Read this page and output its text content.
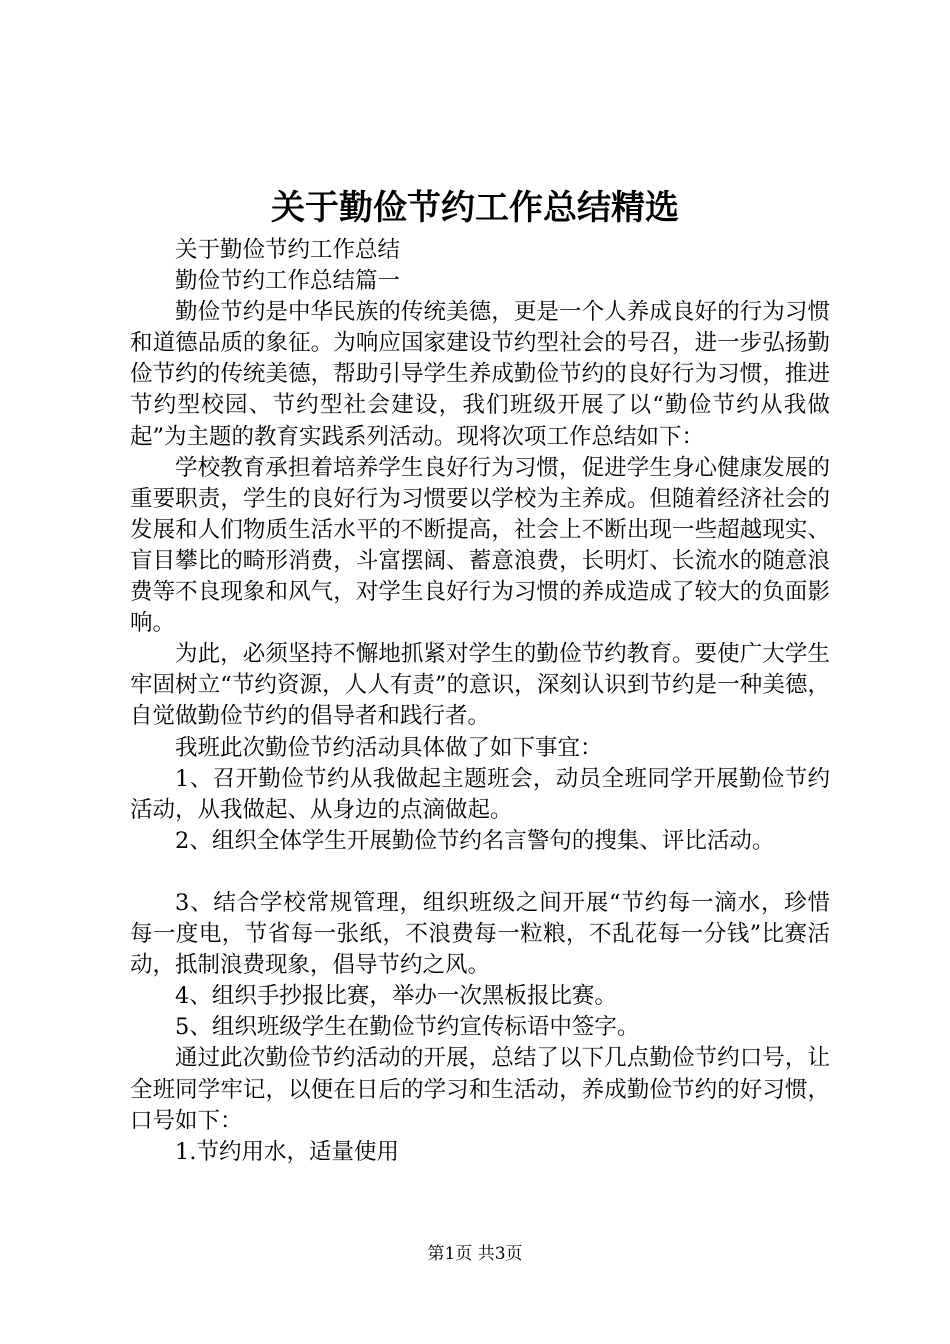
关于勤俭节约工作总结精选

关于勤俭节约工作总结

勤俭节约工作总结篇一

勤俭节约是中华民族的传统美德，更是一个人养成良好的行为习惯和道德品质的象征。为响应国家建设节约型社会的号召，进一步弘扬勤俭节约的传统美德，帮助引导学生养成勤俭节约的良好行为习惯，推进节约型校园、节约型社会建设，我们班级开展了以“勤俭节约从我做起”为主题的教育实践系列活动。现将次项工作总结如下：

学校教育承担着培养学生良好行为习惯，促进学生身心健康发展的重要职责，学生的良好行为习惯要以学校为主养成。但随着经济社会的发展和人们物质生活水平的不断提高，社会上不断出现一些超越现实、盲目攀比的畸形消费，斗富摆阔、蓄意浪费，长明灯、长流水的随意浪费等不良现象和风气，对学生良好行为习惯的养成造成了较大的负面影响。

为此，必须坚持不懈地抓紧对学生的勤俭节约教育。要使广大学生牢固树立“节约资源，人人有责”的意识，深刻认识到节约是一种美德，自觉做勤俭节约的倡导者和践行者。

我班此次勤俭节约活动具体做了如下事宜：

1、召开勤俭节约从我做起主题班会，动员全班同学开展勤俭节约活动，从我做起、从身边的点滴做起。

2、组织全体学生开展勤俭节约名言警句的搜集、评比活动。

3、结合学校常规管理，组织班级之间开展“节约每一滴水，珍惜每一度电，节省每一张纸，不浪费每一粒粮，不乱花每一分钱”比赛活动，抵制浪费现象，倡导节约之风。

4、组织手抄报比赛，举办一次黑板报比赛。

5、组织班级学生在勤俭节约宣传标语中签字。

通过此次勤俭节约活动的开展，总结了以下几点勤俭节约口号，让全班同学牢记，以便在日后的学习和生活动，养成勤俭节约的好习惯，口号如下：

1.节约用水，适量使用

第1页 共3页
